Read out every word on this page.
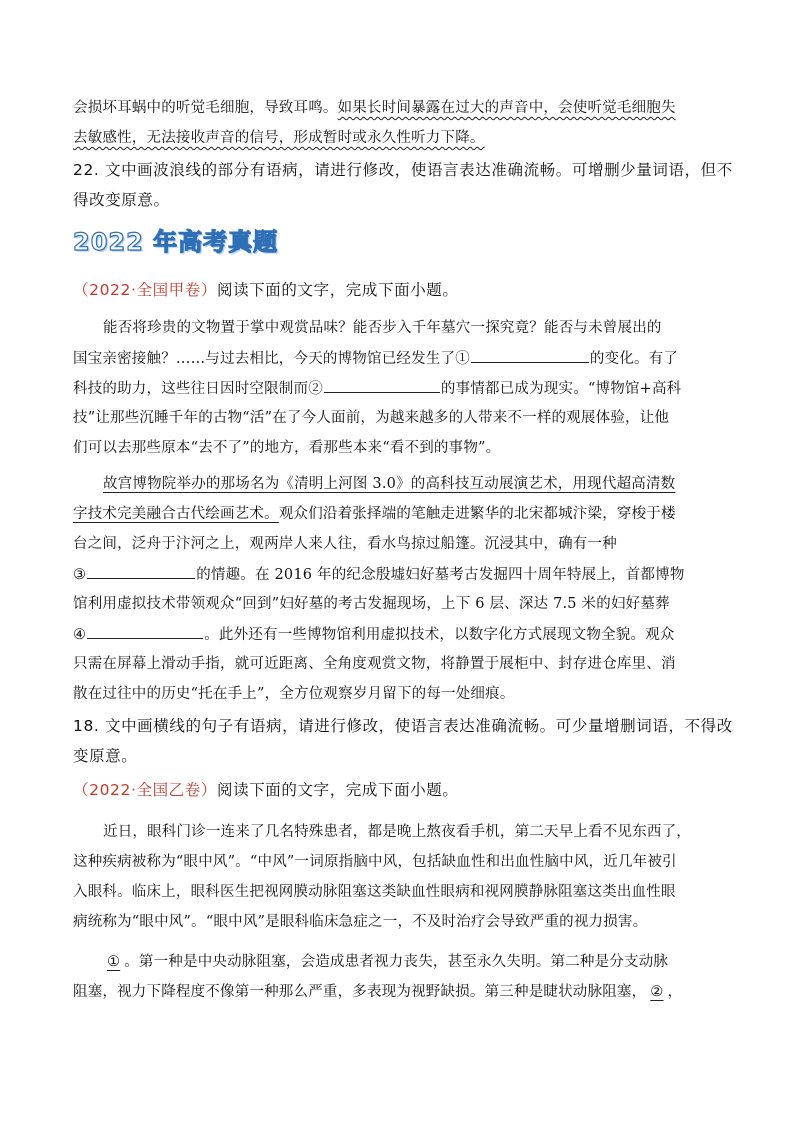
会损坏耳蜗中的听觉毛细胞，导致耳鸣。如果长时间暴露在过大的声音中，会使听觉毛细胞失
去敏感性，无法接收声音的信号，形成暂时或永久性听力下降。
22. 文中画波浪线的部分有语病，请进行修改，使语言表达准确流畅。可增删少量词语，但不
得改变原意。
2022 年高考真题
（2022·全国甲卷）阅读下面的文字，完成下面小题。
能否将珍贵的文物置于掌中观赏品味？能否步入千年墓穴一探究竟？能否与未曾展出的
国宝亲密接触？……与过去相比，今天的博物馆已经发生了①	的变化。有了
科技的助力，这些往日因时空限制而②	的事情都已成为现实。“博物馆+高科
技”让那些沉睡千年的古物“活”在了今人面前，为越来越多的人带来不一样的观展体验，让他
们可以去那些原本“去不了”的地方，看那些本来“看不到的事物”。
故宫博物院举办的那场名为《清明上河图 3.0》的高科技互动展演艺术，用现代超高清数
字技术完美融合古代绘画艺术。观众们沿着张择端的笔触走进繁华的北宋都城汴梁，穿梭于楼
台之间，泛舟于汴河之上，观两岸人来人往，看水鸟掠过船篷。沉浸其中，确有一种
③	的情趣。在 2016 年的纪念殷墟妇好墓考古发掘四十周年特展上，首都博物
馆利用虚拟技术带领观众“回到”妇好墓的考古发掘现场，上下 6 层、深达 7.5 米的妇好墓葬
④	。此外还有一些博物馆利用虚拟技术，以数字化方式展现文物全貌。观众
只需在屏幕上滑动手指，就可近距离、全角度观赏文物，将静置于展柜中、封存进仓库里、消
散在过往中的历史“托在手上”，全方位观察岁月留下的每一处细痕。
18. 文中画横线的句子有语病，请进行修改，使语言表达准确流畅。可少量增删词语，不得改
变原意。
（2022·全国乙卷）阅读下面的文字，完成下面小题。
近日，眼科门诊一连来了几名特殊患者，都是晚上熬夜看手机，第二天早上看不见东西了，
这种疾病被称为“眼中风”。“中风”一词原指脑中风，包括缺血性和出血性脑中风，近几年被引
入眼科。临床上，眼科医生把视网膜动脉阻塞这类缺血性眼病和视网膜静脉阻塞这类出血性眼
病统称为“眼中风”。“眼中风”是眼科临床急症之一，不及时治疗会导致严重的视力损害。
① 。第一种是中央动脉阻塞，会造成患者视力丧失，甚至永久失明。第二种是分支动脉
阻塞，视力下降程度不像第一种那么严重，多表现为视野缺损。第三种是睫状动脉阻塞， ② ，
